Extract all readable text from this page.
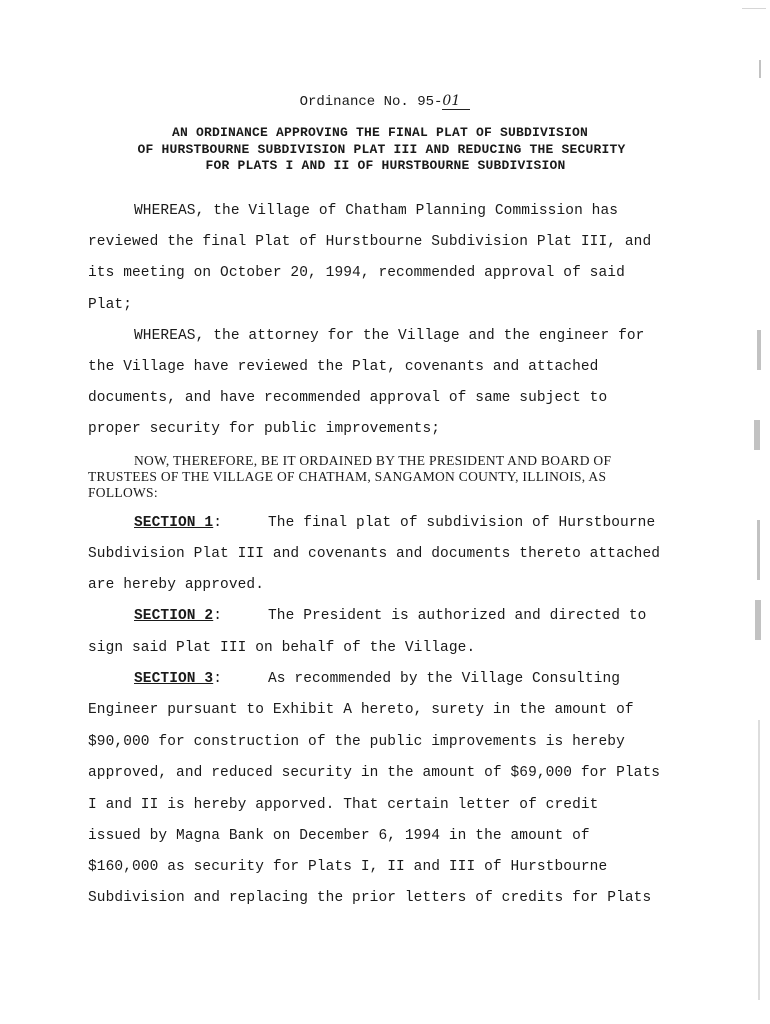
Ordinance No. 95-01
AN ORDINANCE APPROVING THE FINAL PLAT OF SUBDIVISION
OF HURSTBOURNE SUBDIVISION PLAT III AND REDUCING THE SECURITY
FOR PLATS I AND II OF HURSTBOURNE SUBDIVISION
WHEREAS, the Village of Chatham Planning Commission has
reviewed the final Plat of Hurstbourne Subdivision Plat III, and
its meeting on October 20, 1994, recommended approval of said
Plat;
WHEREAS, the attorney for the Village and the engineer for
the Village have reviewed the Plat, covenants and attached
documents, and have recommended approval of same subject to
proper security for public improvements;
NOW, THEREFORE, BE IT ORDAINED BY THE PRESIDENT AND BOARD OF
TRUSTEES OF THE VILLAGE OF CHATHAM, SANGAMON COUNTY, ILLINOIS, AS
FOLLOWS:
SECTION 1:	The final plat of subdivision of Hurstbourne
Subdivision Plat III and covenants and documents thereto attached
are hereby approved.
SECTION 2:	The President is authorized and directed to
sign said Plat III on behalf of the Village.
SECTION 3:	As recommended by the Village Consulting
Engineer pursuant to Exhibit A hereto, surety in the amount of
$90,000 for construction of the public improvements is hereby
approved, and reduced security in the amount of $69,000 for Plats
I and II is hereby apporved. That certain letter of credit
issued by Magna Bank on December 6, 1994 in the amount of
$160,000 as security for Plats I, II and III of Hurstbourne
Subdivision and replacing the prior letters of credits for Plats
